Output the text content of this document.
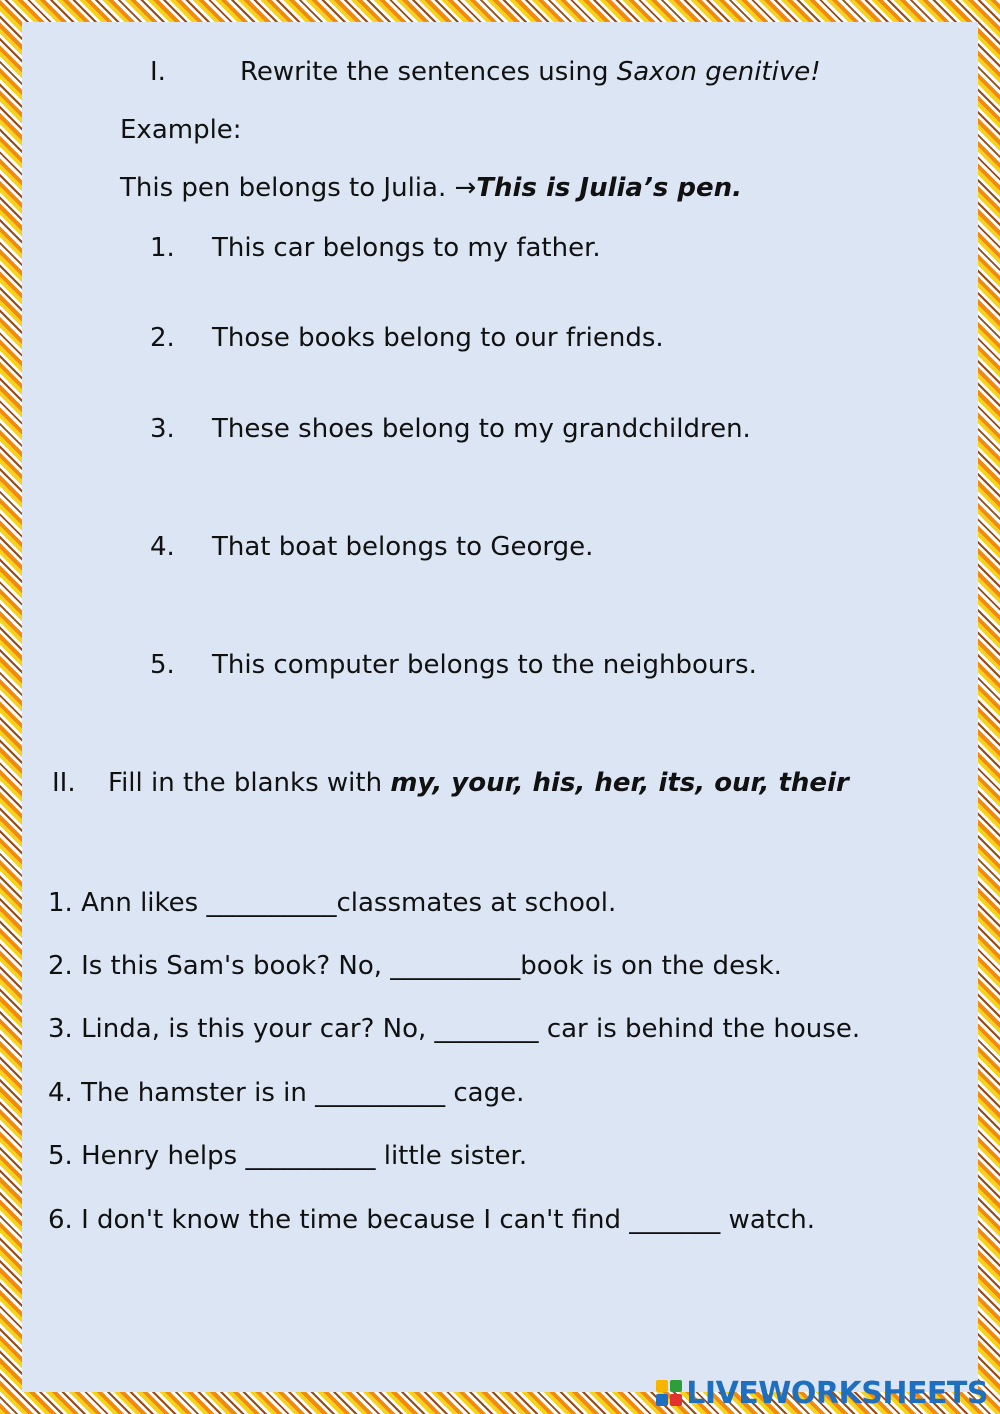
I.	Rewrite the sentences using Saxon genitive!
Example:
This pen belongs to Julia. →This is Julia’s pen.
1. This car belongs to my father.
2. Those books belong to our friends.
3. These shoes belong to my grandchildren.
4. That boat belongs to George.
5. This computer belongs to the neighbours.
II. Fill in the blanks with my, your, his, her, its, our, their
1. Ann likes __________classmates at school.
2. Is this Sam's book? No, __________book is on the desk.
3. Linda, is this your car? No, ________ car is behind the house.
4. The hamster is in __________ cage.
5. Henry helps __________ little sister.
6. I don't know the time because I can't find _______ watch.
LIVEWORKSHEETS
